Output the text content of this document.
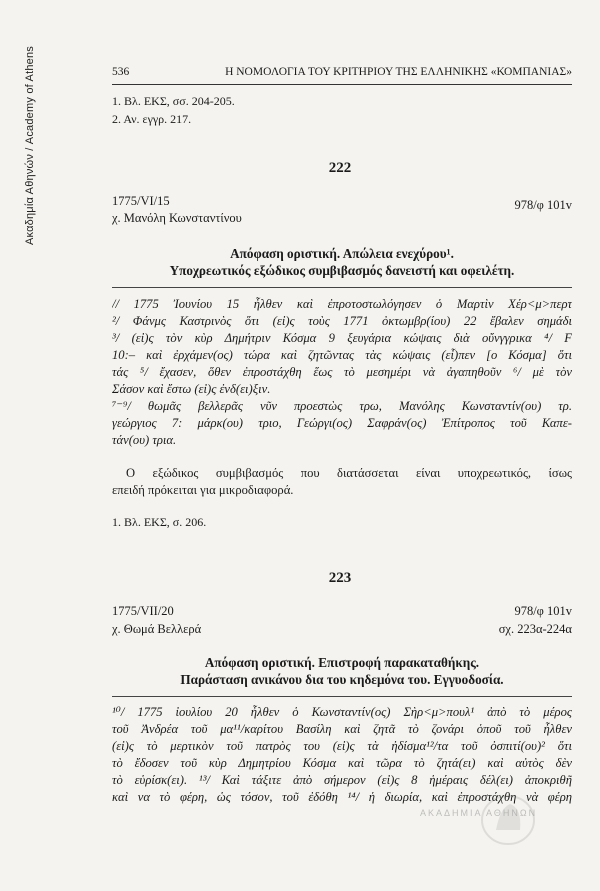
Ακαδημία Αθηνών / Academy of Athens	536	Η ΝΟΜΟΛΟΓΙΑ ΤΟΥ ΚΡΙΤΗΡΙΟΥ ΤΗΣ ΕΛΛΗΝΙΚΗΣ «ΚΟΜΠΑΝΙΑΣ»
1. Βλ. ΕΚΣ, σσ. 204-205.
2. Αν. εγγρ. 217.
222
1775/VI/15
χ. Μανόλη Κωνσταντίνου
978/φ 101v
Απόφαση οριστική. Απώλεια ενεχύρου¹.
Υποχρεωτικός εξώδικος συμβιβασμός δανειστή και οφειλέτη.
// 1775 Ἰουνίου 15 ἦλθεν καὶ ἐπροτοστωλόγησεν ὁ Μαρτὶν Χέρ<μ>περτ
²/ Φάνμς Καστρινὸς ὅτι (εἰ)ς τοὺς 1771 ὀκτωμβρ(ίου) 22 ἔβαλεν σημάδι
³/ (εἰ)ς τὸν κὺρ Δημήτριν Κόσμα 9 ξευγάρια κώψαις διὰ οὔνγγρικα ⁴/ F
10:– καὶ ἐρχάμεν(ος) τώρα καὶ ζητῶντας τὰς κώψαις (εἶ)πεν [ο Κόσμα] ὅτι
τάς ⁵/ ἔχασεν, ὅθεν ἐπροστάχθη ἕως τὸ μεσημέρι νὰ ἀγαπηθοῦν ⁶/ μὲ τὸν
Σάσον καὶ ἔστω (εἰ)ς ἐνδ(ει)ξιν.
⁷⁻⁹/ θωμᾶς βελλερᾶς νῦν προεστὼς τρω, Μανόλης Κωνσταντίν(ου) τρ.
γεώργιος 7: μάρκ(ου) τριο, Γεώργι(ος) Σαφράν(ος) Ἐπίτροπος τοῦ Καπε-
τάν(ου) τρια.
Ο εξώδικος συμβιβασμός που διατάσσεται είναι υποχρεωτικός, ίσως
επειδή πρόκειται για μικροδιαφορά.
1. Βλ. ΕΚΣ, σ. 206.
223
1775/VII/20
χ. Θωμά Βελλερά
978/φ 101v
σχ. 223α-224α
Απόφαση οριστική. Επιστροφή παρακαταθήκης.
Παράσταση ανικάνου δια του κηδεμόνα του. Εγγυοδοσία.
¹⁰/ 1775 ἰουλίου 20 ἦλθεν ὁ Κωνσταντίν(ος) Σὴρ<μ>πουλ¹ ἀπὸ τὸ μέρος
τοῦ Ἀνδρέα τοῦ μα¹¹/καρίτου Βασίλη καὶ ζητᾶ τὸ ζονάρι ὁποῦ τοῦ ἦλθεν
(εἰ)ς τὸ μερτικὸν τοῦ πατρὸς του (εἰ)ς τὰ ἠδίσμα¹²/τα τοῦ ὀσπιτί(ου)² ὅτι
τὸ ἔδοσεν τοῦ κὺρ Δημητρίου Κόσμα καὶ τῶρα τὸ ζητά(ει) καὶ αὐτὸς δὲν
τὸ εὑρίσκ(ει). ¹³/ Καὶ τάξιτε ἀπὸ σήμερον (εἰ)ς 8 ἡμέραις δέλ(ει) ἀποκριθῆ
καὶ να τὸ φέρη, ὡς τόσον, τοῦ ἐδόθη ¹⁴/ ἡ διωρία, καὶ ἐπροστάχθη νὰ φέρη
ΑΚΑΔΗΜΙΑ ΑΘΗΝΩΝ
